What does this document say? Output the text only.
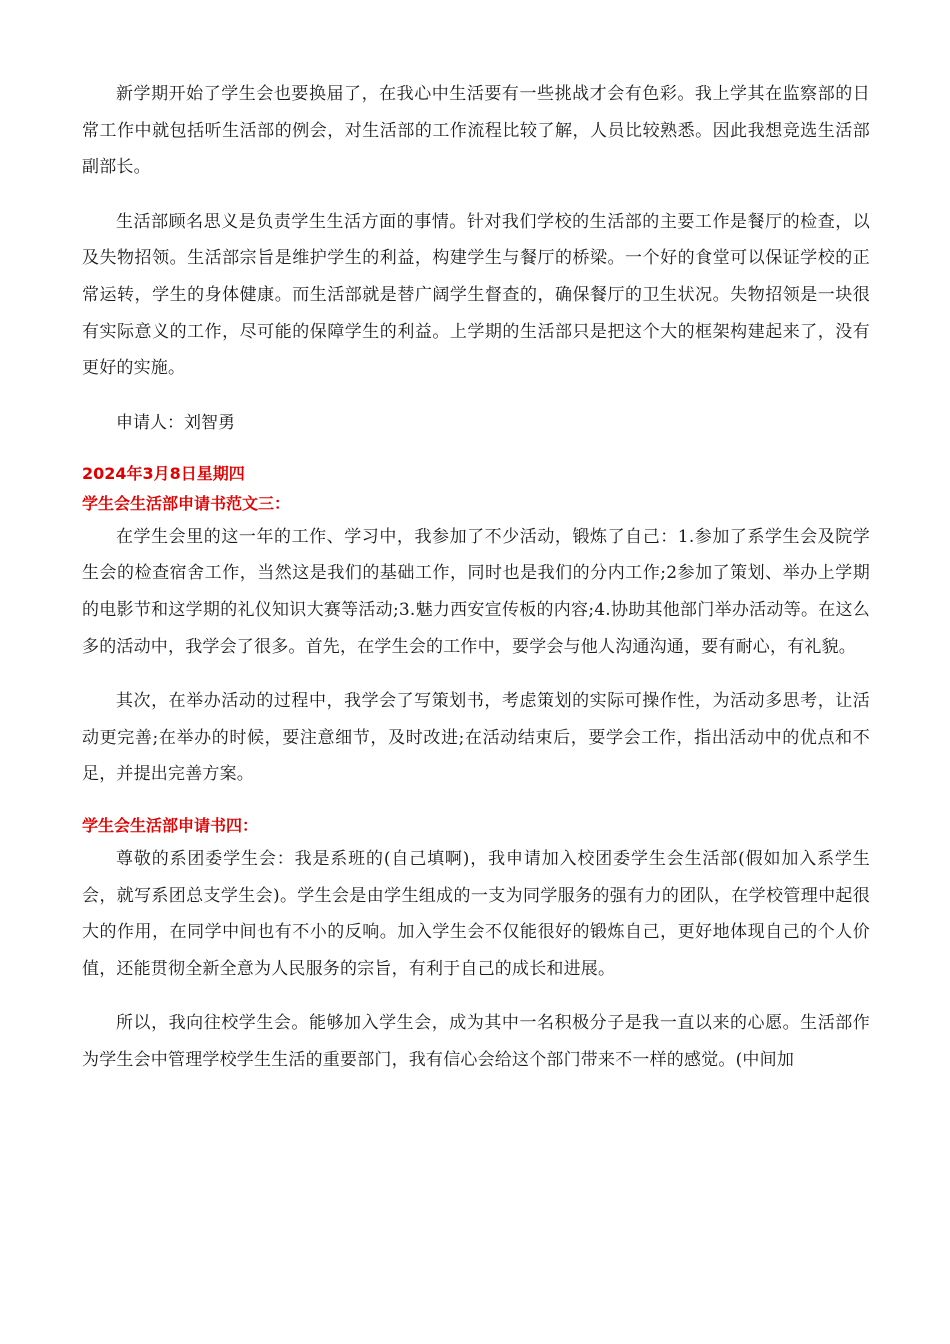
新学期开始了学生会也要换届了，在我心中生活要有一些挑战才会有色彩。我上学其在监察部的日常工作中就包括听生活部的例会，对生活部的工作流程比较了解，人员比较熟悉。因此我想竞选生活部副部长。

生活部顾名思义是负责学生生活方面的事情。针对我们学校的生活部的主要工作是餐厅的检查，以及失物招领。生活部宗旨是维护学生的利益，构建学生与餐厅的桥梁。一个好的食堂可以保证学校的正常运转，学生的身体健康。而生活部就是替广阔学生督查的，确保餐厅的卫生状况。失物招领是一块很有实际意义的工作，尽可能的保障学生的利益。上学期的生活部只是把这个大的框架构建起来了，没有更好的实施。

申请人：刘智勇

2024年3月8日星期四

学生会生活部申请书范文三：

在学生会里的这一年的工作、学习中，我参加了不少活动，锻炼了自己：1.参加了系学生会及院学生会的检查宿舍工作，当然这是我们的基础工作，同时也是我们的分内工作;2参加了策划、举办上学期的电影节和这学期的礼仪知识大赛等活动;3.魅力西安宣传板的内容;4.协助其他部门举办活动等。在这么多的活动中，我学会了很多。首先，在学生会的工作中，要学会与他人沟通沟通，要有耐心，有礼貌。

其次，在举办活动的过程中，我学会了写策划书，考虑策划的实际可操作性，为活动多思考，让活动更完善;在举办的时候，要注意细节，及时改进;在活动结束后，要学会工作，指出活动中的优点和不足，并提出完善方案。

学生会生活部申请书四：

尊敬的系团委学生会：我是系班的(自己填啊)，我申请加入校团委学生会生活部(假如加入系学生会，就写系团总支学生会)。学生会是由学生组成的一支为同学服务的强有力的团队，在学校管理中起很大的作用，在同学中间也有不小的反响。加入学生会不仅能很好的锻炼自己，更好地体现自己的个人价值，还能贯彻全新全意为人民服务的宗旨，有利于自己的成长和进展。

所以，我向往校学生会。能够加入学生会，成为其中一名积极分子是我一直以来的心愿。生活部作为学生会中管理学校学生生活的重要部门，我有信心会给这个部门带来不一样的感觉。(中间加
